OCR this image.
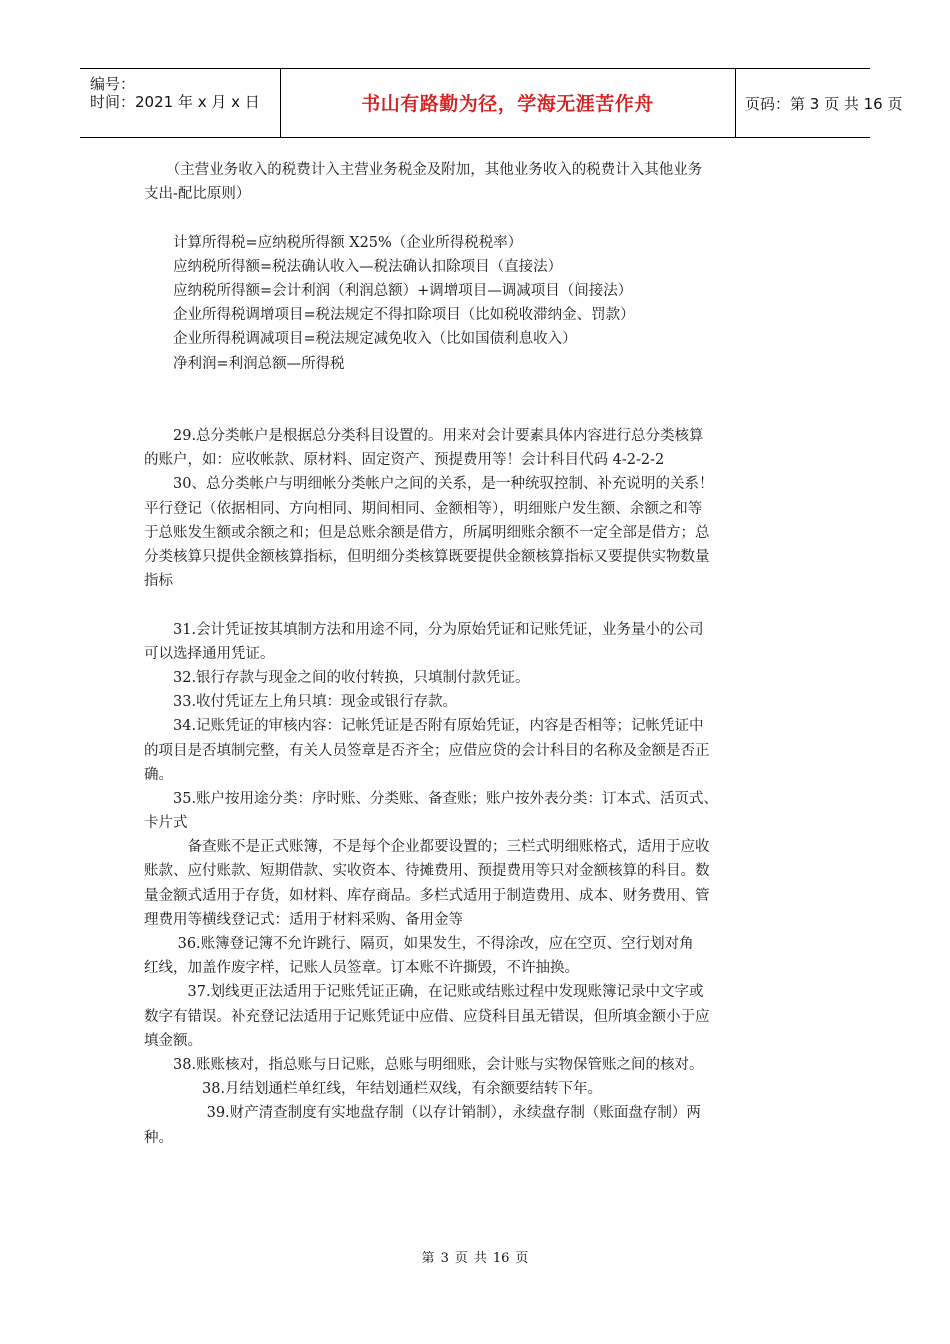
编号：
时间：2021 年 x 月 x 日	书山有路勤为径，学海无涯苦作舟	页码：第 3 页 共 16 页
　　（主营业务收入的税费计入主营业务税金及附加，其他业务收入的税费计入其他业务
支出-配比原则）
　　计算所得税=应纳税所得额 X25%（企业所得税税率）
　　应纳税所得额=税法确认收入—税法确认扣除项目（直接法）
　　应纳税所得额=会计利润（利润总额）+调增项目—调减项目（间接法）
　　企业所得税调增项目=税法规定不得扣除项目（比如税收滞纳金、罚款）
　　企业所得税调减项目=税法规定减免收入（比如国债利息收入）
　　净利润=利润总额—所得税
　　29.总分类帐户是根据总分类科目设置的。用来对会计要素具体内容进行总分类核算
的账户，如：应收帐款、原材料、固定资产、预提费用等！会计科目代码 4-2-2-2
　　30、总分类帐户与明细帐分类帐户之间的关系，是一种统驭控制、补充说明的关系！
平行登记（依据相同、方向相同、期间相同、金额相等），明细账户发生额、余额之和等
于总账发生额或余额之和；但是总账余额是借方，所属明细账余额不一定全部是借方；总
分类核算只提供金额核算指标，但明细分类核算既要提供金额核算指标又要提供实物数量
指标
　　31.会计凭证按其填制方法和用途不同，分为原始凭证和记账凭证，业务量小的公司
可以选择通用凭证。
　　32.银行存款与现金之间的收付转换，只填制付款凭证。
　　33.收付凭证左上角只填：现金或银行存款。
　　34.记账凭证的审核内容：记帐凭证是否附有原始凭证，内容是否相等；记帐凭证中
的项目是否填制完整，有关人员签章是否齐全；应借应贷的会计科目的名称及金额是否正
确。
　　35.账户按用途分类：序时账、分类账、备查账；账户按外表分类：订本式、活页式、
卡片式
　　　备查账不是正式账簿，不是每个企业都要设置的；三栏式明细账格式，适用于应收
账款、应付账款、短期借款、实收资本、待摊费用、预提费用等只对金额核算的科目。数
量金额式适用于存货，如材料、库存商品。多栏式适用于制造费用、成本、财务费用、管
理费用等横线登记式：适用于材料采购、备用金等
　　 36.账簿登记簿不允许跳行、隔页，如果发生，不得涂改，应在空页、空行划对角
红线，加盖作废字样，记账人员签章。订本账不许撕毁，不许抽换。
　　　37.划线更正法适用于记账凭证正确，在记账或结账过程中发现账簿记录中文字或
数字有错误。补充登记法适用于记账凭证中应借、应贷科目虽无错误，但所填金额小于应
填金额。
　　38.账账核对，指总账与日记账，总账与明细账，会计账与实物保管账之间的核对。
　　　　38.月结划通栏单红线，年结划通栏双线，有余额要结转下年。
　　　　 39.财产清查制度有实地盘存制（以存计销制），永续盘存制（账面盘存制）两
种。
第 3 页 共 16 页
